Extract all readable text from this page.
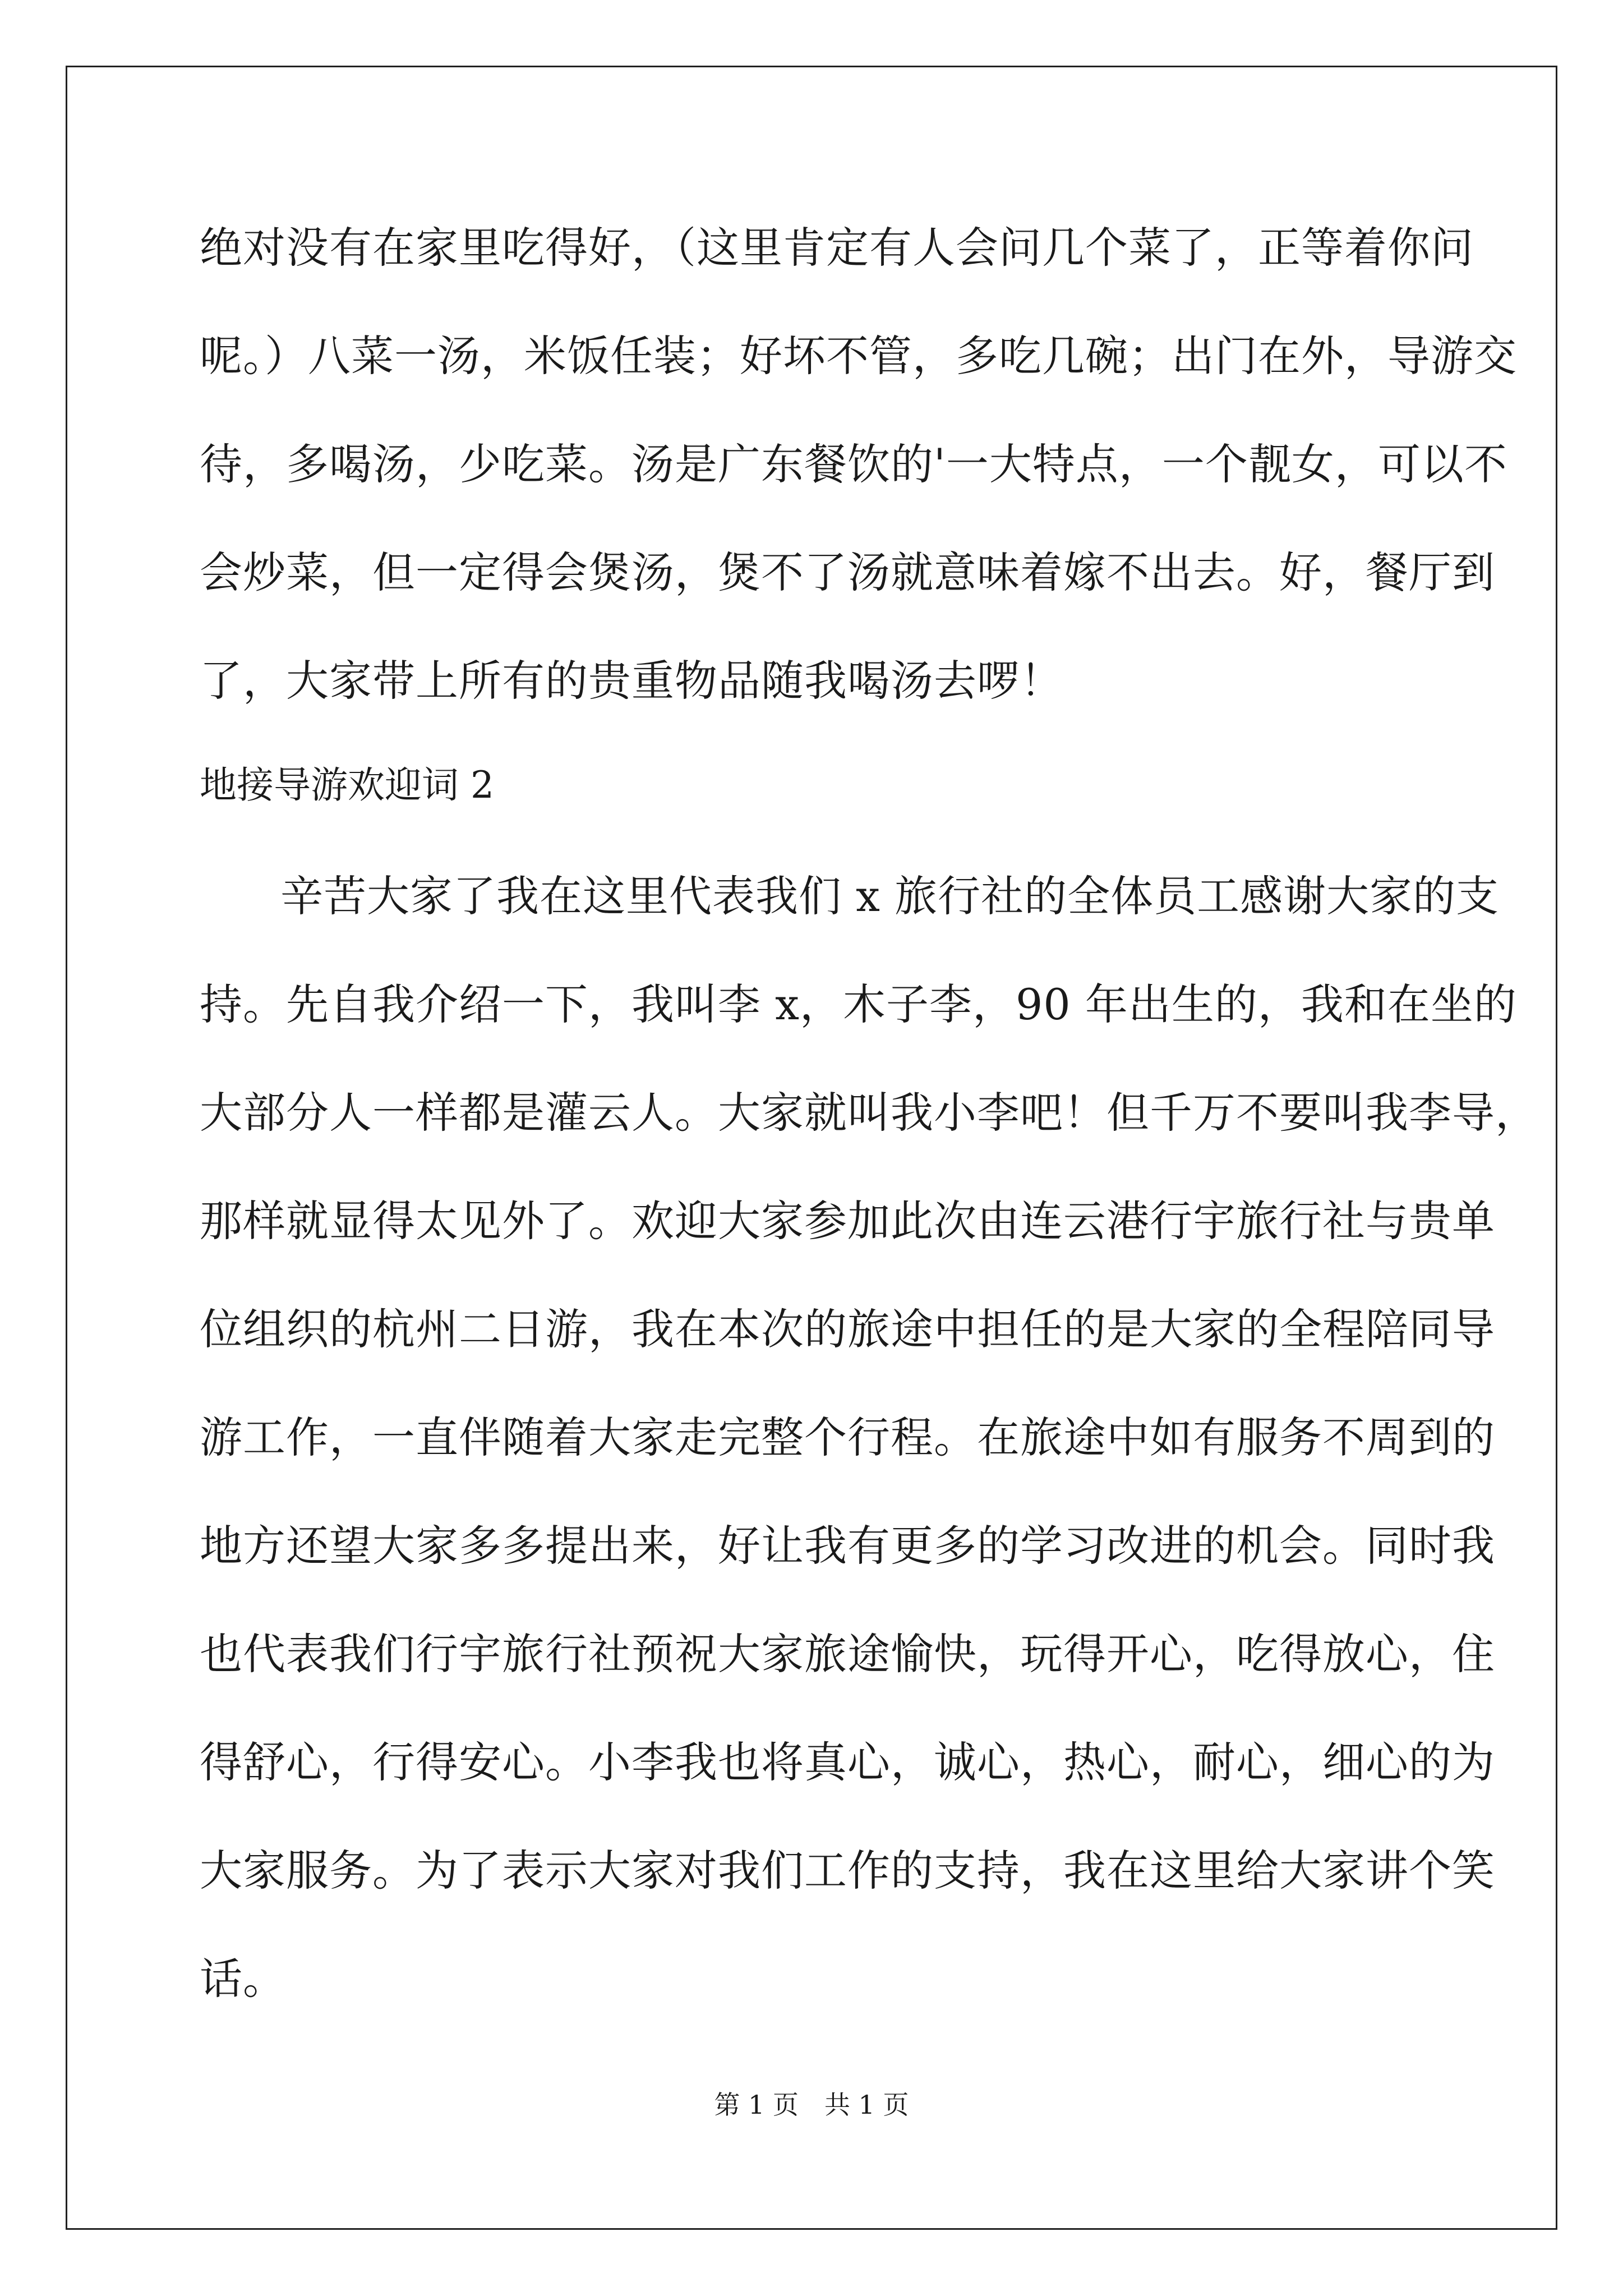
绝对没有在家里吃得好，（这里肯定有人会问几个菜了，正等着你问
呢。）八菜一汤，米饭任装；好坏不管，多吃几碗；出门在外，导游交
待，多喝汤，少吃菜。汤是广东餐饮的'一大特点，一个靓女，可以不
会炒菜，但一定得会煲汤，煲不了汤就意味着嫁不出去。好，餐厅到
了，大家带上所有的贵重物品随我喝汤去啰！
地接导游欢迎词 2
辛苦大家了我在这里代表我们 x 旅行社的全体员工感谢大家的支
持。先自我介绍一下，我叫李 x，木子李，90 年出生的，我和在坐的
大部分人一样都是灌云人。大家就叫我小李吧！但千万不要叫我李导，
那样就显得太见外了。欢迎大家参加此次由连云港行宇旅行社与贵单
位组织的杭州二日游，我在本次的旅途中担任的是大家的全程陪同导
游工作，一直伴随着大家走完整个行程。在旅途中如有服务不周到的
地方还望大家多多提出来，好让我有更多的学习改进的机会。同时我
也代表我们行宇旅行社预祝大家旅途愉快，玩得开心，吃得放心，住
得舒心，行得安心。小李我也将真心，诚心，热心，耐心，细心的为
大家服务。为了表示大家对我们工作的支持，我在这里给大家讲个笑
话。
第 1 页　共 1 页
